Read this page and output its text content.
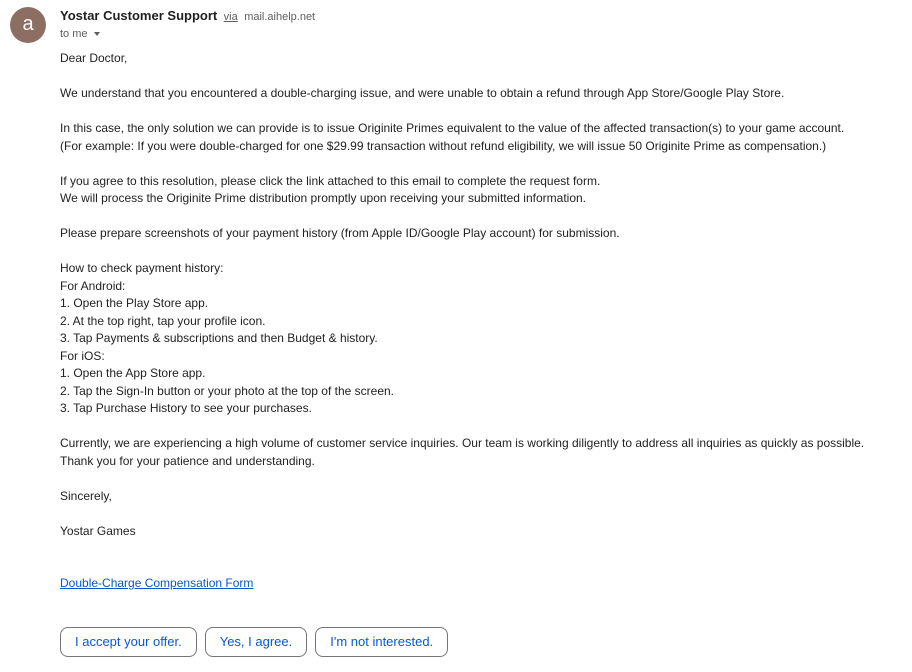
a	Yostar Customer Support via mail.aihelp.net
to me
Dear Doctor,
We understand that you encountered a double-charging issue, and were unable to obtain a refund through App Store/Google Play Store.
In this case, the only solution we can provide is to issue Originite Primes equivalent to the value of the affected transaction(s) to your game account.
(For example: If you were double-charged for one $29.99 transaction without refund eligibility, we will issue 50 Originite Prime as compensation.)
If you agree to this resolution, please click the link attached to this email to complete the request form.
We will process the Originite Prime distribution promptly upon receiving your submitted information.
Please prepare screenshots of your payment history (from Apple ID/Google Play account) for submission.
How to check payment history:
For Android:
1. Open the Play Store app.
2. At the top right, tap your profile icon.
3. Tap Payments & subscriptions and then Budget & history.
For iOS:
1. Open the App Store app.
2. Tap the Sign-In button or your photo at the top of the screen.
3. Tap Purchase History to see your purchases.
Currently, we are experiencing a high volume of customer service inquiries. Our team is working diligently to address all inquiries as quickly as possible.
Thank you for your patience and understanding.
Sincerely,
Yostar Games
Double-Charge Compensation Form
I accept your offer.	Yes, I agree.	I'm not interested.
